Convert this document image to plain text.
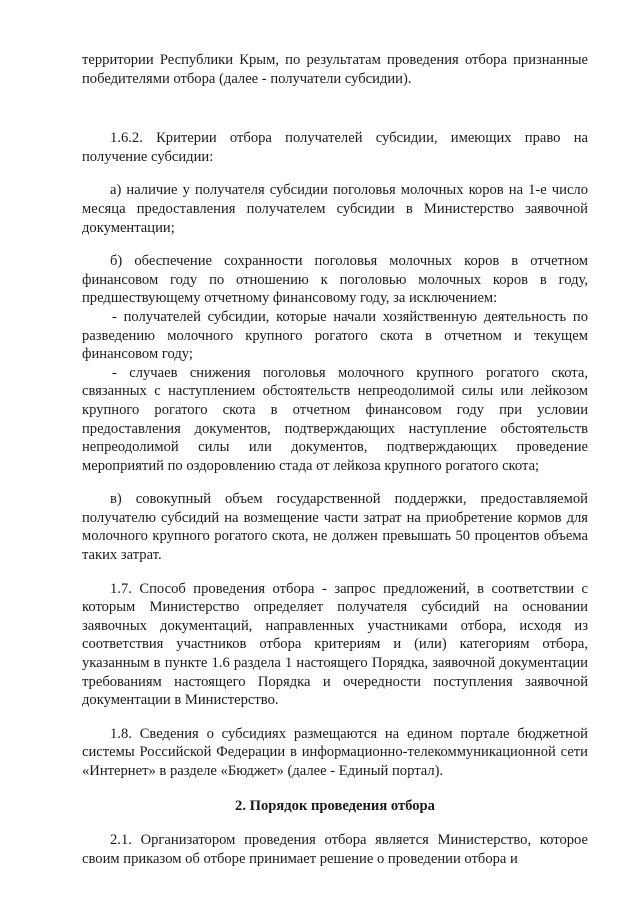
территории Республики Крым, по результатам проведения отбора признанные победителями отбора (далее - получатели субсидии).

1.6.2. Критерии отбора получателей субсидии, имеющих право на получение субсидии:

а) наличие у получателя субсидии поголовья молочных коров на 1-е число месяца предоставления получателем субсидии в Министерство заявочной документации;

б) обеспечение сохранности поголовья молочных коров в отчетном финансовом году по отношению к поголовью молочных коров в году, предшествующему отчетному финансовому году, за исключением:

- получателей субсидии, которые начали хозяйственную деятельность по разведению молочного крупного рогатого скота в отчетном и текущем финансовом году;

- случаев снижения поголовья молочного крупного рогатого скота, связанных с наступлением обстоятельств непреодолимой силы или лейкозом крупного рогатого скота в отчетном финансовом году при условии предоставления документов, подтверждающих наступление обстоятельств непреодолимой силы или документов, подтверждающих проведение мероприятий по оздоровлению стада от лейкоза крупного рогатого скота;

в) совокупный объем государственной поддержки, предоставляемой получателю субсидий на возмещение части затрат на приобретение кормов для молочного крупного рогатого скота, не должен превышать 50 процентов объема таких затрат.

1.7. Способ проведения отбора - запрос предложений, в соответствии с которым Министерство определяет получателя субсидий на основании заявочных документаций, направленных участниками отбора, исходя из соответствия участников отбора критериям и (или) категориям отбора, указанным в пункте 1.6 раздела 1 настоящего Порядка, заявочной документации требованиям настоящего Порядка и очередности поступления заявочной документации в Министерство.

1.8. Сведения о субсидиях размещаются на едином портале бюджетной системы Российской Федерации в информационно-телекоммуникационной сети «Интернет» в разделе «Бюджет» (далее - Единый портал).

2. Порядок проведения отбора

2.1. Организатором проведения отбора является Министерство, которое своим приказом об отборе принимает решение о проведении отбора и
